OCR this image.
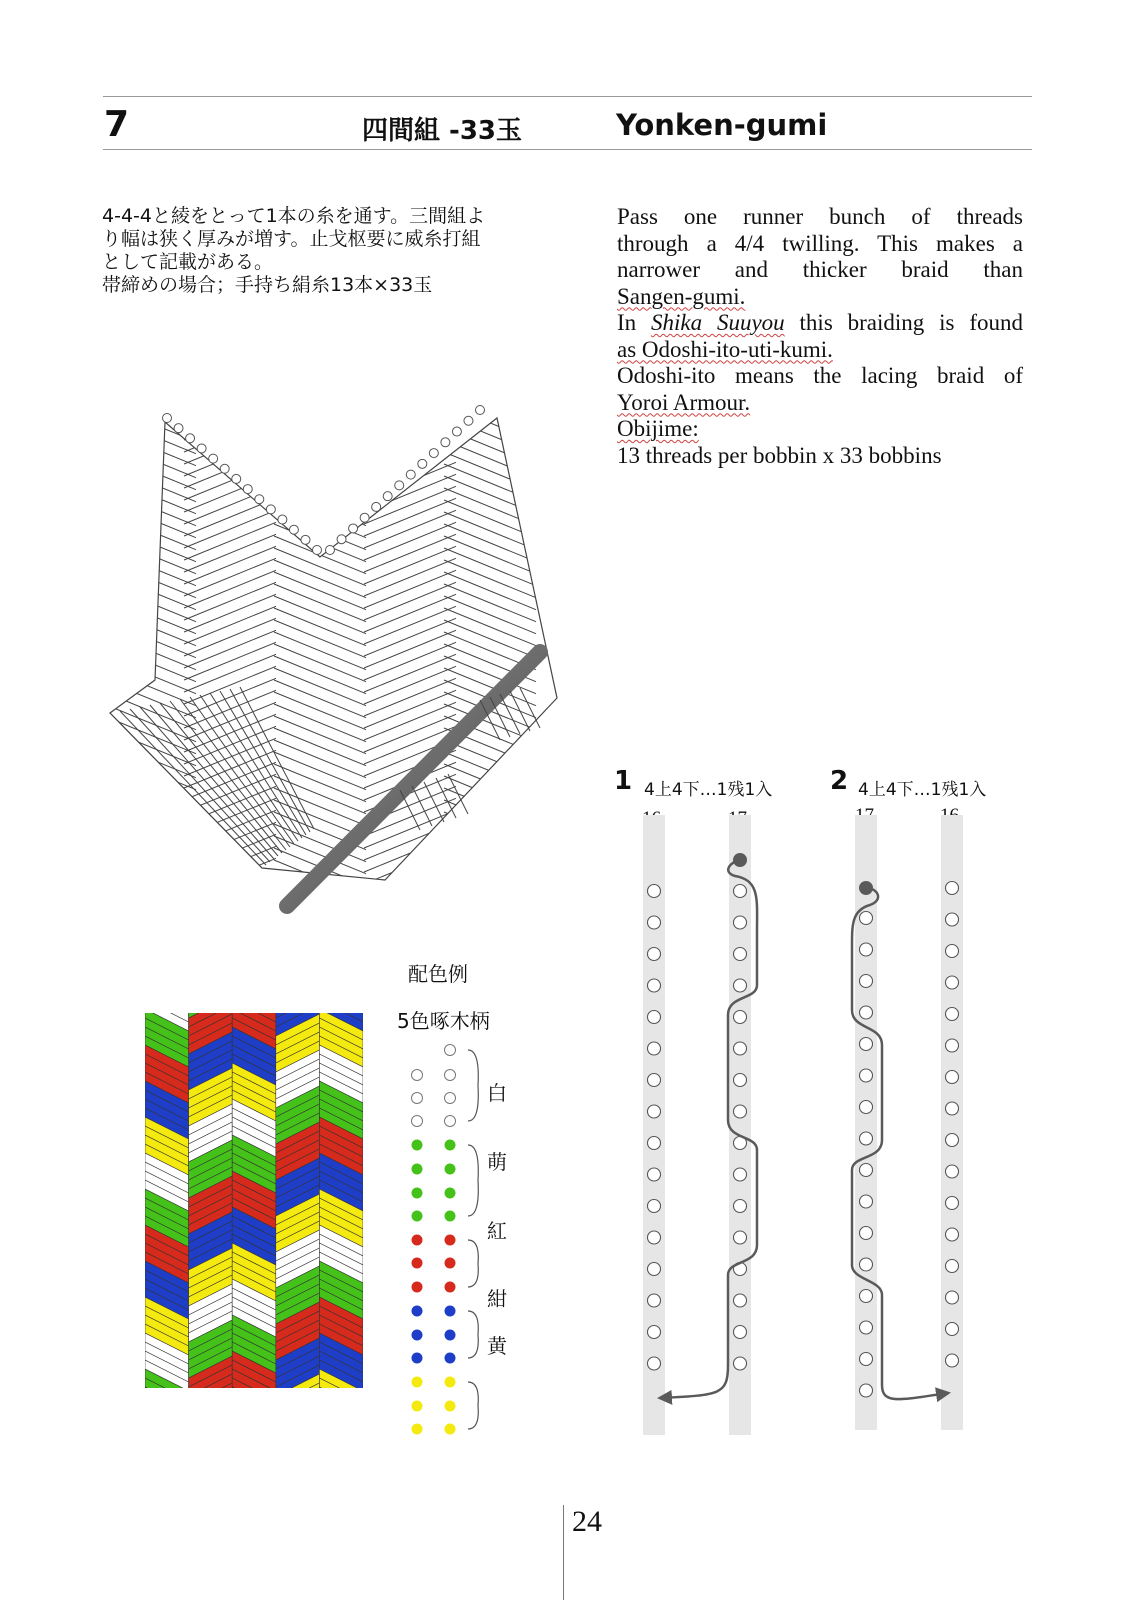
7	四間組 -33玉	Yonken-gumi
4-4-4と綾をとって1本の糸を通す。三間組よ
り幅は狭く厚みが増す。止戈枢要に威糸打組
として記載がある。
帯締めの場合；手持ち絹糸13本×33玉
Pass one runner bunch of threads
through a 4/4 twilling. This makes a
narrower and thicker braid than
Sangen-gumi.
In Shika Suuyou this braiding is found
as Odoshi-ito-uti-kumi.
Odoshi-ito means the lacing braid of
Yoroi Armour.
Obijime:
13 threads per bobbin x 33 bobbins
配色例
5色啄木柄
白
萌
紅
紺
黄
1 4上4下…1残1入 2 4上4下…1残1入
24
